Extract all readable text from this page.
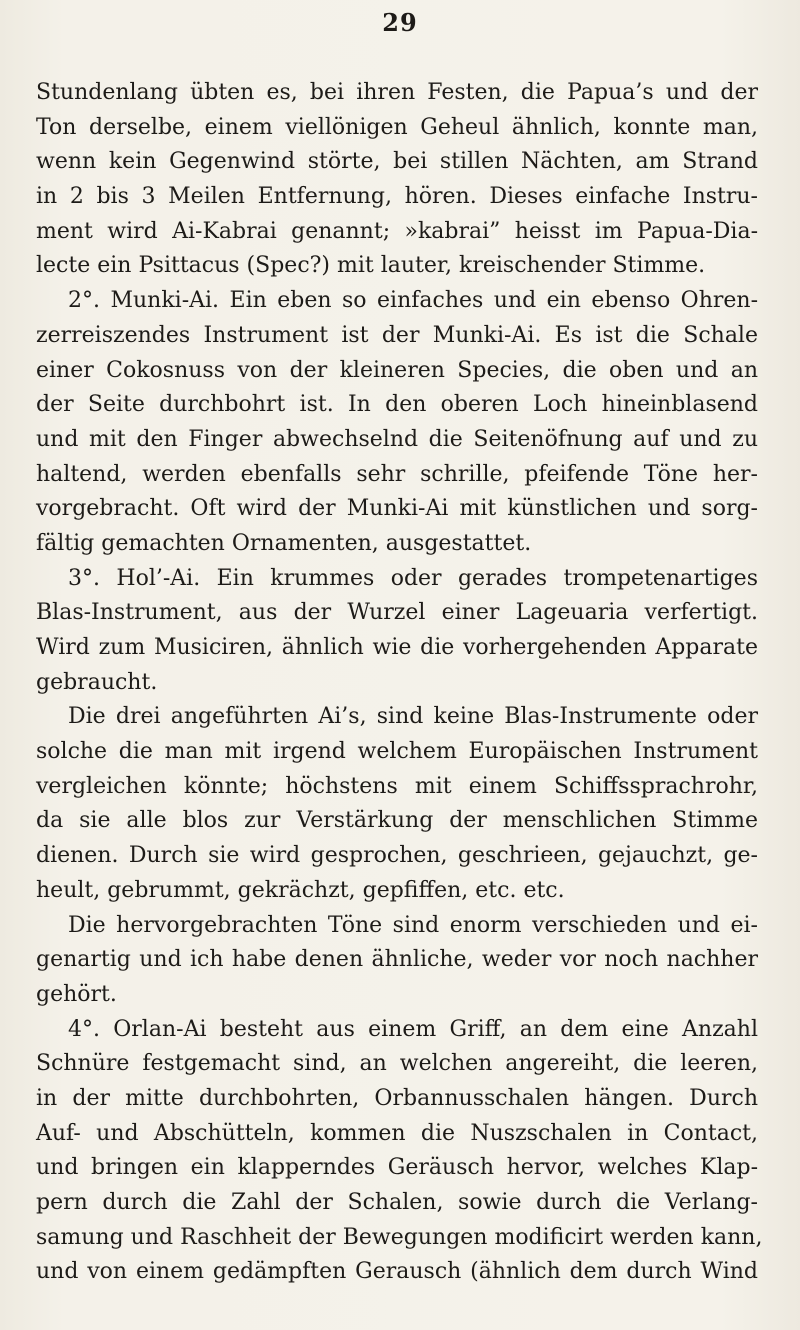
29
Stundenlang übten es, bei ihren Festen, die Papua’s und der
Ton derselbe, einem viellönigen Geheul ähnlich, konnte man,
wenn kein Gegenwind störte, bei stillen Nächten, am Strand
in 2 bis 3 Meilen Entfernung, hören. Dieses einfache Instru-
ment wird Ai-Kabrai genannt; »kabrai” heisst im Papua-Dia-
lecte ein Psittacus (Spec?) mit lauter, kreischender Stimme.
2°. Munki-Ai. Ein eben so einfaches und ein ebenso Ohren-
zerreiszendes Instrument ist der Munki-Ai. Es ist die Schale
einer Cokosnuss von der kleineren Species, die oben und an
der Seite durchbohrt ist. In den oberen Loch hineinblasend
und mit den Finger abwechselnd die Seitenöfnung auf und zu
haltend, werden ebenfalls sehr schrille, pfeifende Töne her-
vorgebracht. Oft wird der Munki-Ai mit künstlichen und sorg-
fältig gemachten Ornamenten, ausgestattet.
3°. Hol’-Ai. Ein krummes oder gerades trompetenartiges
Blas-Instrument, aus der Wurzel einer Lageuaria verfertigt.
Wird zum Musiciren, ähnlich wie die vorhergehenden Apparate
gebraucht.
Die drei angeführten Ai’s, sind keine Blas-Instrumente oder
solche die man mit irgend welchem Europäischen Instrument
vergleichen könnte; höchstens mit einem Schiffssprachrohr,
da sie alle blos zur Verstärkung der menschlichen Stimme
dienen. Durch sie wird gesprochen, geschrieen, gejauchzt, ge-
heult, gebrummt, gekrächzt, gepfiffen, etc. etc.
Die hervorgebrachten Töne sind enorm verschieden und ei-
genartig und ich habe denen ähnliche, weder vor noch nachher
gehört.
4°. Orlan-Ai besteht aus einem Griff, an dem eine Anzahl
Schnüre festgemacht sind, an welchen angereiht, die leeren,
in der mitte durchbohrten, Orbannusschalen hängen. Durch
Auf- und Abschütteln, kommen die Nuszschalen in Contact,
und bringen ein klapperndes Geräusch hervor, welches Klap-
pern durch die Zahl der Schalen, sowie durch die Verlang-
samung und Raschheit der Bewegungen modificirt werden kann,
und von einem gedämpften Gerausch (ähnlich dem durch Wind
